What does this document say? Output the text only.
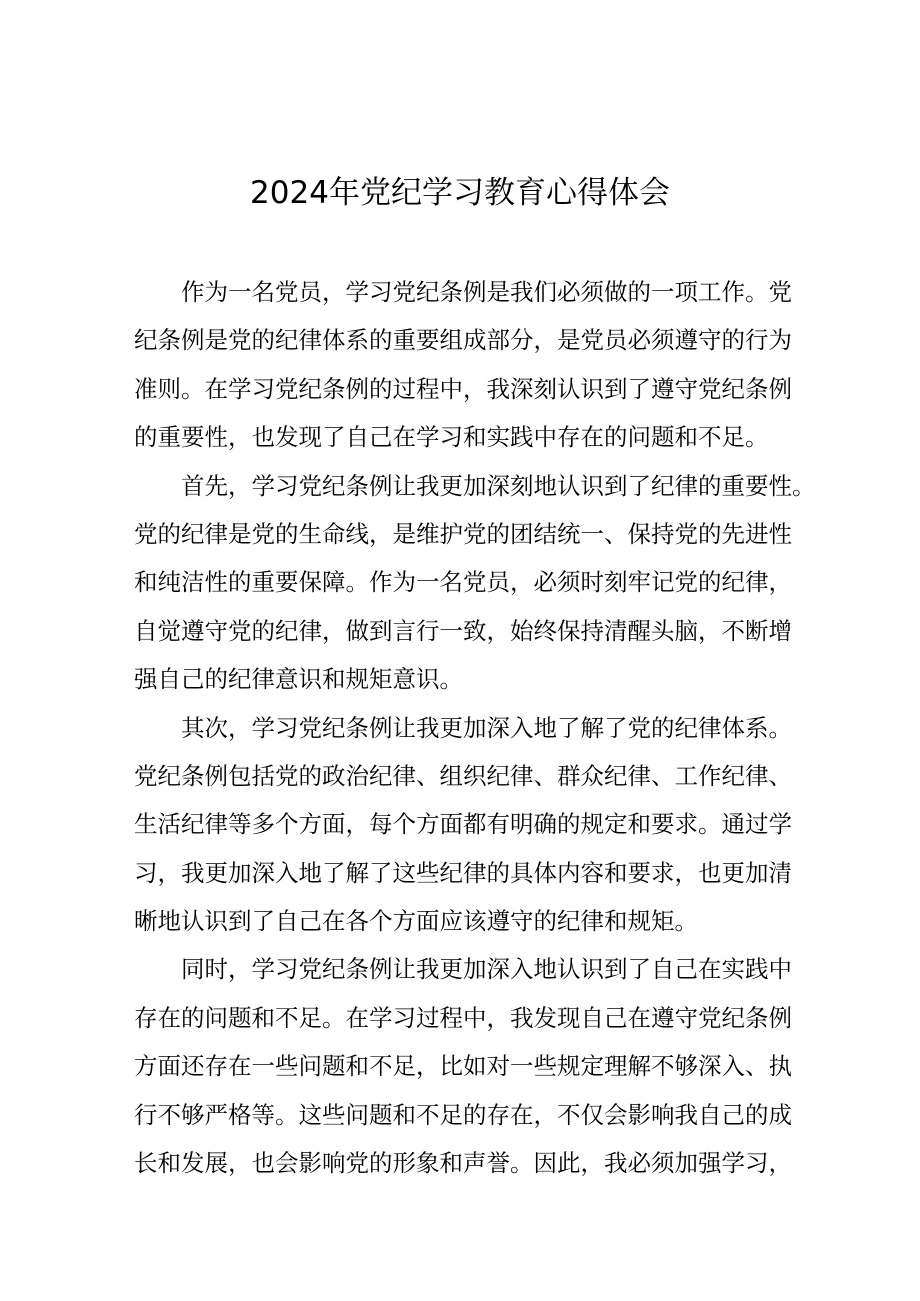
2024年党纪学习教育心得体会

作为一名党员，学习党纪条例是我们必须做的一项工作。党
纪条例是党的纪律体系的重要组成部分，是党员必须遵守的行为
准则。在学习党纪条例的过程中，我深刻认识到了遵守党纪条例
的重要性，也发现了自己在学习和实践中存在的问题和不足。

首先，学习党纪条例让我更加深刻地认识到了纪律的重要性。
党的纪律是党的生命线，是维护党的团结统一、保持党的先进性
和纯洁性的重要保障。作为一名党员，必须时刻牢记党的纪律，
自觉遵守党的纪律，做到言行一致，始终保持清醒头脑，不断增
强自己的纪律意识和规矩意识。

其次，学习党纪条例让我更加深入地了解了党的纪律体系。
党纪条例包括党的政治纪律、组织纪律、群众纪律、工作纪律、
生活纪律等多个方面，每个方面都有明确的规定和要求。通过学
习，我更加深入地了解了这些纪律的具体内容和要求，也更加清
晰地认识到了自己在各个方面应该遵守的纪律和规矩。

同时，学习党纪条例让我更加深入地认识到了自己在实践中
存在的问题和不足。在学习过程中，我发现自己在遵守党纪条例
方面还存在一些问题和不足，比如对一些规定理解不够深入、执
行不够严格等。这些问题和不足的存在，不仅会影响我自己的成
长和发展，也会影响党的形象和声誉。因此，我必须加强学习，
